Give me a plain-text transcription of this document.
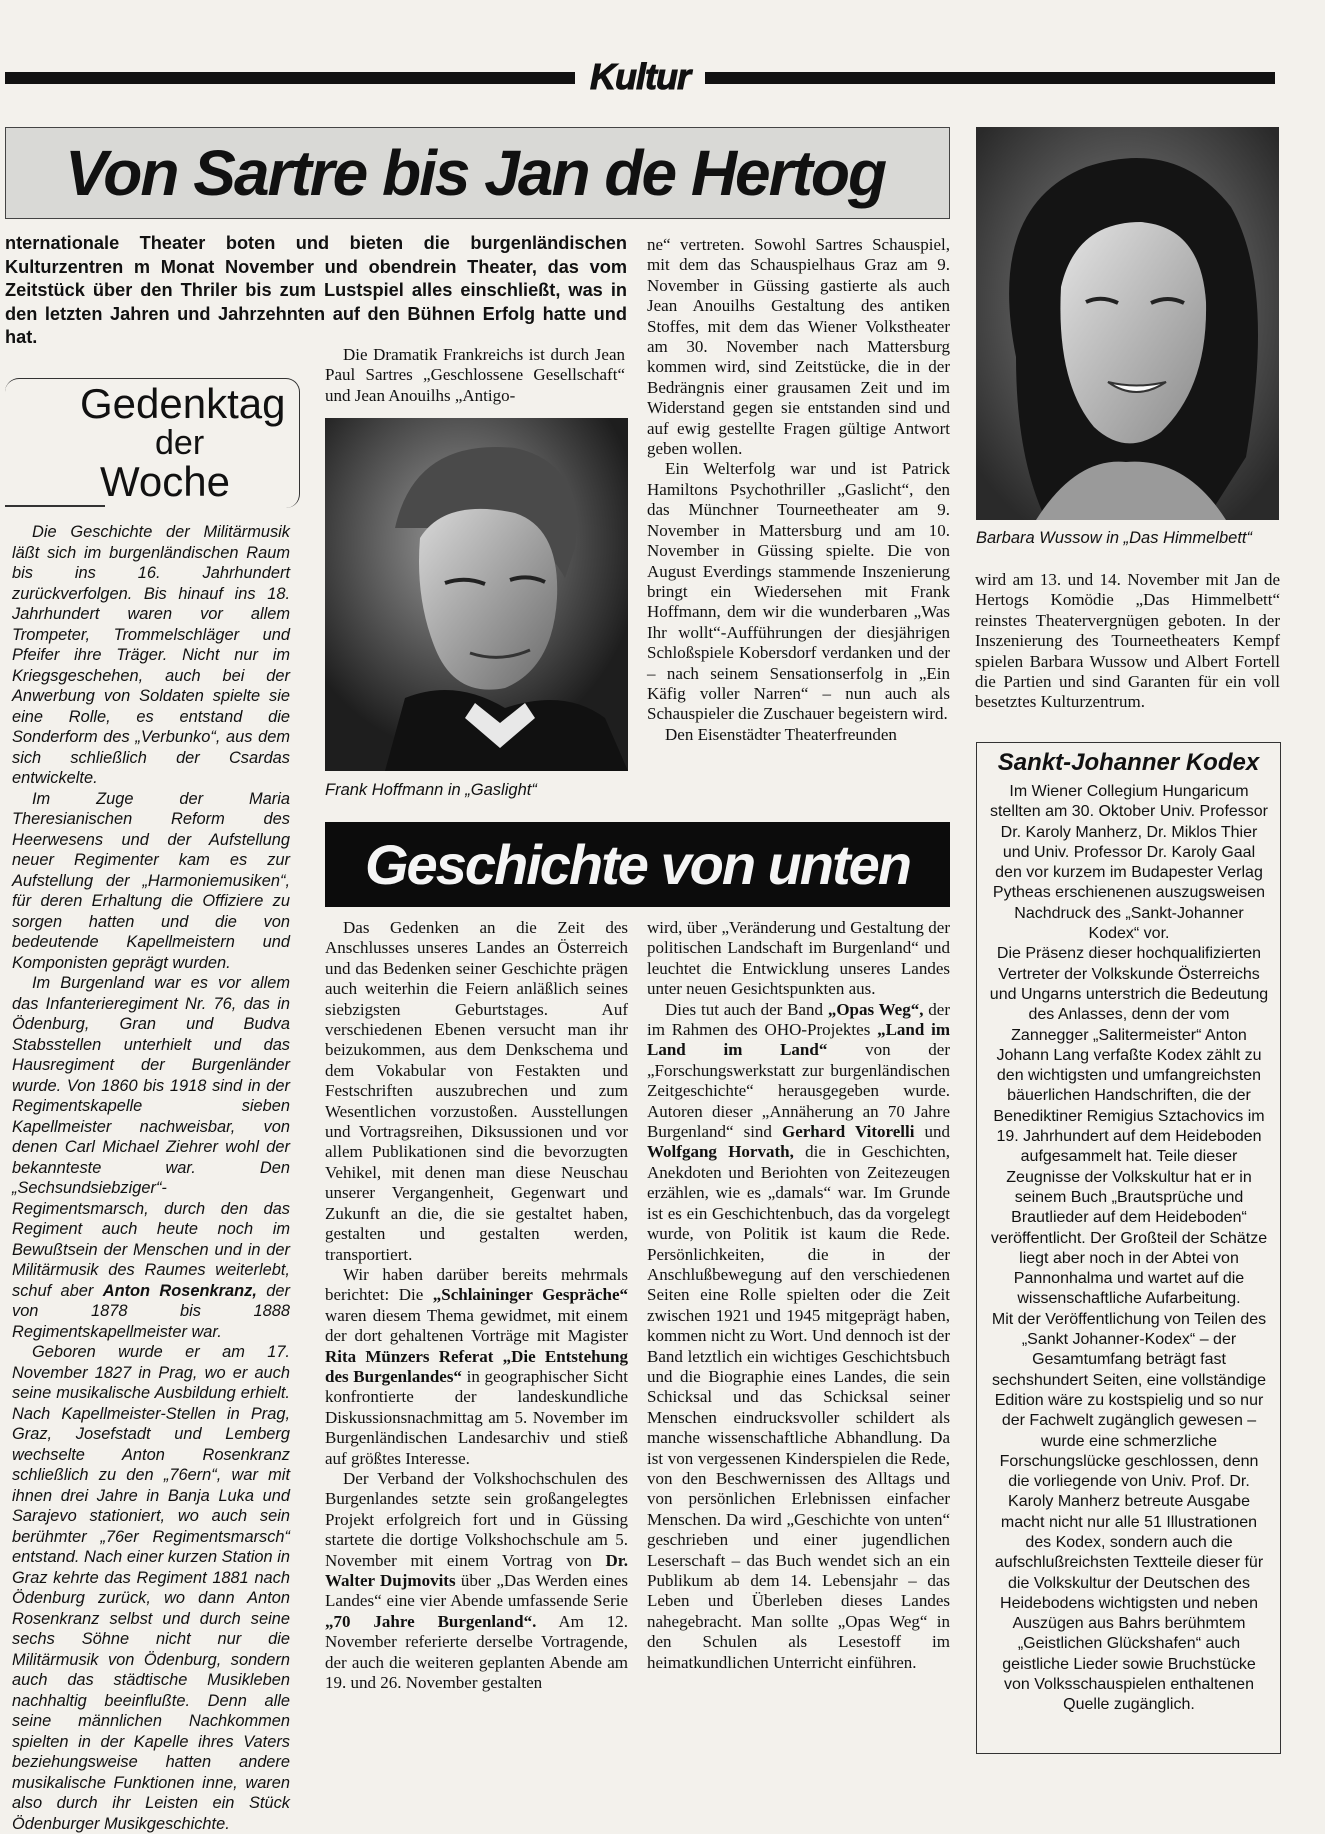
Kultur
Von Sartre bis Jan de Hertog
nternationale Theater boten und bieten die burgenländischen Kulturzentren m Monat November und obendrein Theater, das vom Zeitstück über den Thriler bis zum Lustspiel alles einschließt, was in den letzten Jahren und Jahrzehnten auf den Bühnen Erfolg hatte und hat.
Gedenktag
der
Woche

Die Geschichte der Militärmusik läßt sich im burgenländischen Raum bis ins 16. Jahrhundert zurückverfolgen. Bis hinauf ins 18. Jahrhundert waren vor allem Trompeter, Trommelschläger und Pfeifer ihre Träger. Nicht nur im Kriegsgeschehen, auch bei der Anwerbung von Soldaten spielte sie eine Rolle, es entstand die Sonderform des „Verbunko“, aus dem sich schließlich der Csardas entwickelte.

Im Zuge der Maria Theresianischen Reform des Heerwesens und der Aufstellung neuer Regimenter kam es zur Aufstellung der „Harmoniemusiken“, für deren Erhaltung die Offiziere zu sorgen hatten und die von bedeutende Kapellmeistern und Komponisten geprägt wurden.

Im Burgenland war es vor allem das Infanterieregiment Nr. 76, das in Ödenburg, Gran und Budva Stabsstellen unterhielt und das Hausregiment der Burgenländer wurde. Von 1860 bis 1918 sind in der Regimentskapelle sieben Kapellmeister nachweisbar, von denen Carl Michael Ziehrer wohl der bekannteste war. Den „Sechsundsiebziger“-Regimentsmarsch, durch den das Regiment auch heute noch im Bewußtsein der Menschen und in der Militärmusik des Raumes weiterlebt, schuf aber Anton Rosenkranz, der von 1878 bis 1888 Regimentskapellmeister war.

Geboren wurde er am 17. November 1827 in Prag, wo er auch seine musikalische Ausbildung erhielt. Nach Kapellmeister-Stellen in Prag, Graz, Josefstadt und Lemberg wechselte Anton Rosenkranz schließlich zu den „76ern“, war mit ihnen drei Jahre in Banja Luka und Sarajevo stationiert, wo auch sein berühmter „76er Regimentsmarsch“ entstand. Nach einer kurzen Station in Graz kehrte das Regiment 1881 nach Ödenburg zurück, wo dann Anton Rosenkranz selbst und durch seine sechs Söhne nicht nur die Militärmusik von Ödenburg, sondern auch das städtische Musikleben nachhaltig beeinflußte. Denn alle seine männlichen Nachkommen spielten in der Kapelle ihres Vaters beziehungsweise hatten andere musikalische Funktionen inne, waren also durch ihr Leisten ein Stück Ödenburger Musikgeschichte.

Die Dramatik Frankreichs ist durch Jean Paul Sartres „Geschlossene Gesellschaft“ und Jean Anouilhs „Antigo-

Frank Hoffmann in „Gaslight“

ne“ vertreten. Sowohl Sartres Schauspiel, mit dem das Schauspielhaus Graz am 9. November in Güssing gastierte als auch Jean Anouilhs Gestaltung des antiken Stoffes, mit dem das Wiener Volkstheater am 30. November nach Mattersburg kommen wird, sind Zeitstücke, die in der Bedrängnis einer grausamen Zeit und im Widerstand gegen sie entstanden sind und auf ewig gestellte Fragen gültige Antwort geben wollen.

Ein Welterfolg war und ist Patrick Hamiltons Psychothriller „Gaslicht“, den das Münchner Tourneetheater am 9. November in Mattersburg und am 10. November in Güssing spielte. Die von August Everdings stammende Inszenierung bringt ein Wiedersehen mit Frank Hoffmann, dem wir die wunderbaren „Was Ihr wollt“-Aufführungen der diesjährigen Schloßspiele Kobersdorf verdanken und der – nach seinem Sensationserfolg in „Ein Käfig voller Narren“ – nun auch als Schauspieler die Zuschauer begeistern wird.

Den Eisenstädter Theaterfreunden

Barbara Wussow in „Das Himmelbett“

wird am 13. und 14. November mit Jan de Hertogs Komödie „Das Himmelbett“ reinstes Theatervergnügen geboten. In der Inszenierung des Tourneetheaters Kempf spielen Barbara Wussow und Albert Fortell die Partien und sind Garanten für ein voll besetztes Kulturzentrum.

Geschichte von unten

Das Gedenken an die Zeit des Anschlusses unseres Landes an Österreich und das Bedenken seiner Geschichte prägen auch weiterhin die Feiern anläßlich seines siebzigsten Geburtstages. Auf verschiedenen Ebenen versucht man ihr beizukommen, aus dem Denkschema und dem Vokabular von Festakten und Festschriften auszubrechen und zum Wesentlichen vorzustoßen. Ausstellungen und Vortragsreihen, Diksussionen und vor allem Publikationen sind die bevorzugten Vehikel, mit denen man diese Neuschau unserer Vergangenheit, Gegenwart und Zukunft an die, die sie gestaltet haben, gestalten und gestalten werden, transportiert.

Wir haben darüber bereits mehrmals berichtet: Die „Schlaininger Gespräche“ waren diesem Thema gewidmet, mit einem der dort gehaltenen Vorträge mit Magister Rita Münzers Referat „Die Entstehung des Burgenlandes“ in geographischer Sicht konfrontierte der landeskundliche Diskussionsnachmittag am 5. November im Burgenländischen Landesarchiv und stieß auf größtes Interesse.

Der Verband der Volkshochschulen des Burgenlandes setzte sein großangelegtes Projekt erfolgreich fort und in Güssing startete die dortige Volkshochschule am 5. November mit einem Vortrag von Dr. Walter Dujmovits über „Das Werden eines Landes“ eine vier Abende umfassende Serie „70 Jahre Burgenland“. Am 12. November referierte derselbe Vortragende, der auch die weiteren geplanten Abende am 19. und 26. November gestalten

wird, über „Veränderung und Gestaltung der politischen Landschaft im Burgenland“ und leuchtet die Entwicklung unseres Landes unter neuen Gesichtspunkten aus.

Dies tut auch der Band „Opas Weg“, der im Rahmen des OHO-Projektes „Land im Land im Land“ von der „Forschungswerkstatt zur burgenländischen Zeitgeschichte“ herausgegeben wurde. Autoren dieser „Annäherung an 70 Jahre Burgenland“ sind Gerhard Vitorelli und Wolfgang Horvath, die in Geschichten, Anekdoten und Beriohten von Zeitezeugen erzählen, wie es „damals“ war. Im Grunde ist es ein Geschichtenbuch, das da vorgelegt wurde, von Politik ist kaum die Rede. Persönlichkeiten, die in der Anschlußbewegung auf den verschiedenen Seiten eine Rolle spielten oder die Zeit zwischen 1921 und 1945 mitgeprägt haben, kommen nicht zu Wort. Und dennoch ist der Band letztlich ein wichtiges Geschichtsbuch und die Biographie eines Landes, die sein Schicksal und das Schicksal seiner Menschen eindrucksvoller schildert als manche wissenschaftliche Abhandlung. Da ist von vergessenen Kinderspielen die Rede, von den Beschwernissen des Alltags und von persönlichen Erlebnissen einfacher Menschen. Da wird „Geschichte von unten“ geschrieben und einer jugendlichen Leserschaft – das Buch wendet sich an ein Publikum ab dem 14. Lebensjahr – das Leben und Überleben dieses Landes nahegebracht. Man sollte „Opas Weg“ in den Schulen als Lesestoff im heimatkundlichen Unterricht einführen.

Sankt-Johanner Kodex

Im Wiener Collegium Hungaricum stellten am 30. Oktober Univ. Professor Dr. Karoly Manherz, Dr. Miklos Thier und Univ. Professor Dr. Karoly Gaal den vor kurzem im Budapester Verlag Pytheas erschienenen auszugsweisen Nachdruck des „Sankt-Johanner Kodex“ vor.

Die Präsenz dieser hochqualifizierten Vertreter der Volkskunde Österreichs und Ungarns unterstrich die Bedeutung des Anlasses, denn der vom Zannegger „Salitermeister“ Anton Johann Lang verfaßte Kodex zählt zu den wichtigsten und umfangreichsten bäuerlichen Handschriften, die der Benediktiner Remigius Sztachovics im 19. Jahrhundert auf dem Heideboden aufgesammelt hat. Teile dieser Zeugnisse der Volkskultur hat er in seinem Buch „Brautsprüche und Brautlieder auf dem Heideboden“ veröffentlicht. Der Großteil der Schätze liegt aber noch in der Abtei von Pannonhalma und wartet auf die wissenschaftliche Aufarbeitung.

Mit der Veröffentlichung von Teilen des „Sankt Johanner-Kodex“ – der Gesamtumfang beträgt fast sechshundert Seiten, eine vollständige Edition wäre zu kostspielig und so nur der Fachwelt zugänglich gewesen – wurde eine schmerzliche Forschungslücke geschlossen, denn die vorliegende von Univ. Prof. Dr. Karoly Manherz betreute Ausgabe macht nicht nur alle 51 Illustrationen des Kodex, sondern auch die aufschlußreichsten Textteile dieser für die Volkskultur der Deutschen des Heidebodens wichtigsten und neben Auszügen aus Bahrs berühmtem „Geistlichen Glückshafen“ auch geistliche Lieder sowie Bruchstücke von Volksschauspielen enthaltenen Quelle zugänglich.
